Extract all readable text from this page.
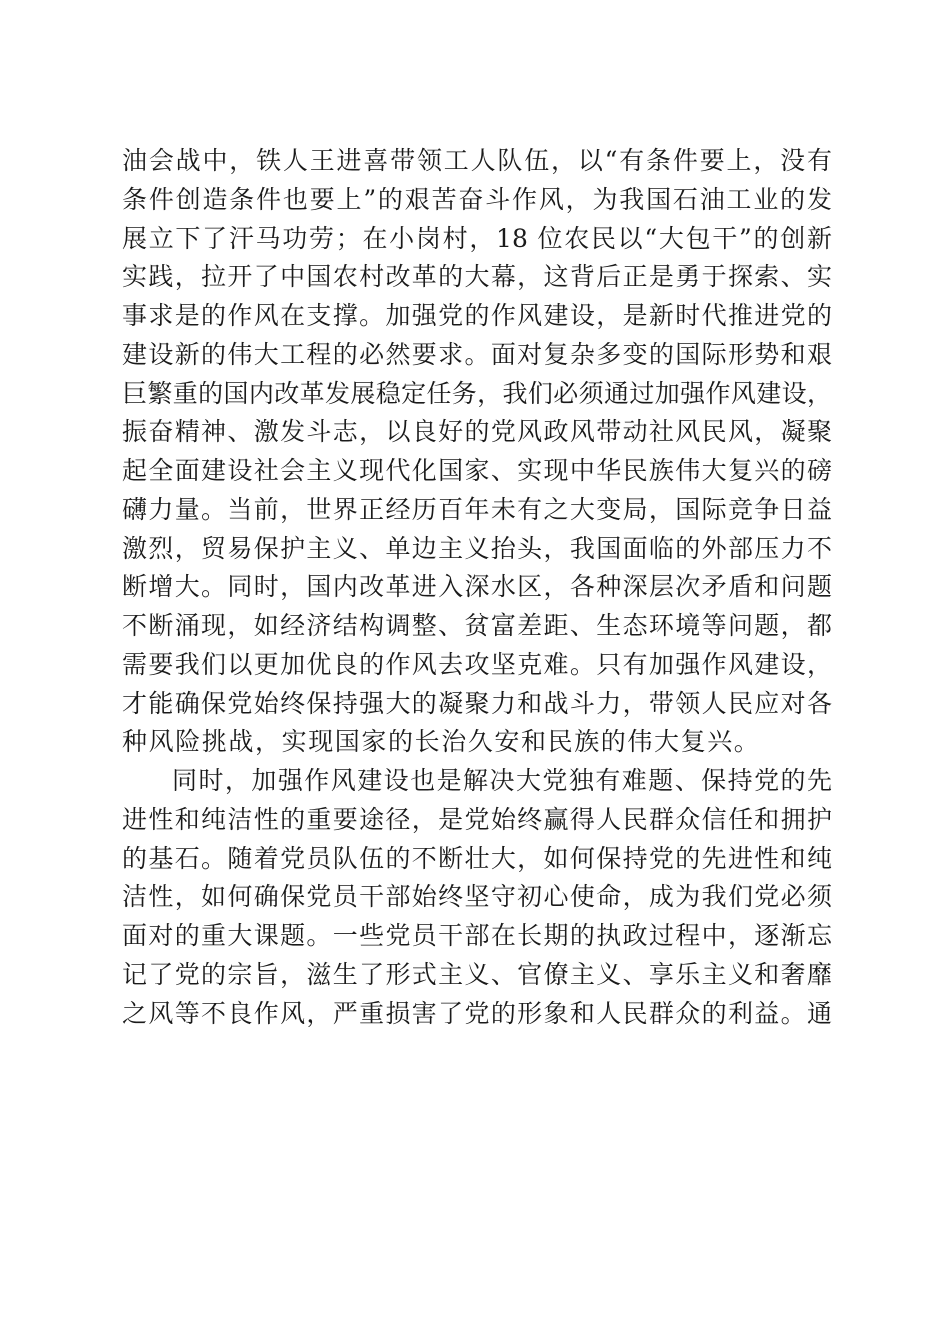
油会战中，铁人王进喜带领工人队伍，以“有条件要上，没有
条件创造条件也要上”的艰苦奋斗作风，为我国石油工业的发
展立下了汗马功劳；在小岗村，18 位农民以“大包干”的创新
实践，拉开了中国农村改革的大幕，这背后正是勇于探索、实
事求是的作风在支撑。加强党的作风建设，是新时代推进党的
建设新的伟大工程的必然要求。面对复杂多变的国际形势和艰
巨繁重的国内改革发展稳定任务，我们必须通过加强作风建设，
振奋精神、激发斗志，以良好的党风政风带动社风民风，凝聚
起全面建设社会主义现代化国家、实现中华民族伟大复兴的磅
礴力量。当前，世界正经历百年未有之大变局，国际竞争日益
激烈，贸易保护主义、单边主义抬头，我国面临的外部压力不
断增大。同时，国内改革进入深水区，各种深层次矛盾和问题
不断涌现，如经济结构调整、贫富差距、生态环境等问题，都
需要我们以更加优良的作风去攻坚克难。只有加强作风建设，
才能确保党始终保持强大的凝聚力和战斗力，带领人民应对各
种风险挑战，实现国家的长治久安和民族的伟大复兴。
同时，加强作风建设也是解决大党独有难题、保持党的先
进性和纯洁性的重要途径，是党始终赢得人民群众信任和拥护
的基石。随着党员队伍的不断壮大，如何保持党的先进性和纯
洁性，如何确保党员干部始终坚守初心使命，成为我们党必须
面对的重大课题。一些党员干部在长期的执政过程中，逐渐忘
记了党的宗旨，滋生了形式主义、官僚主义、享乐主义和奢靡
之风等不良作风，严重损害了党的形象和人民群众的利益。通
